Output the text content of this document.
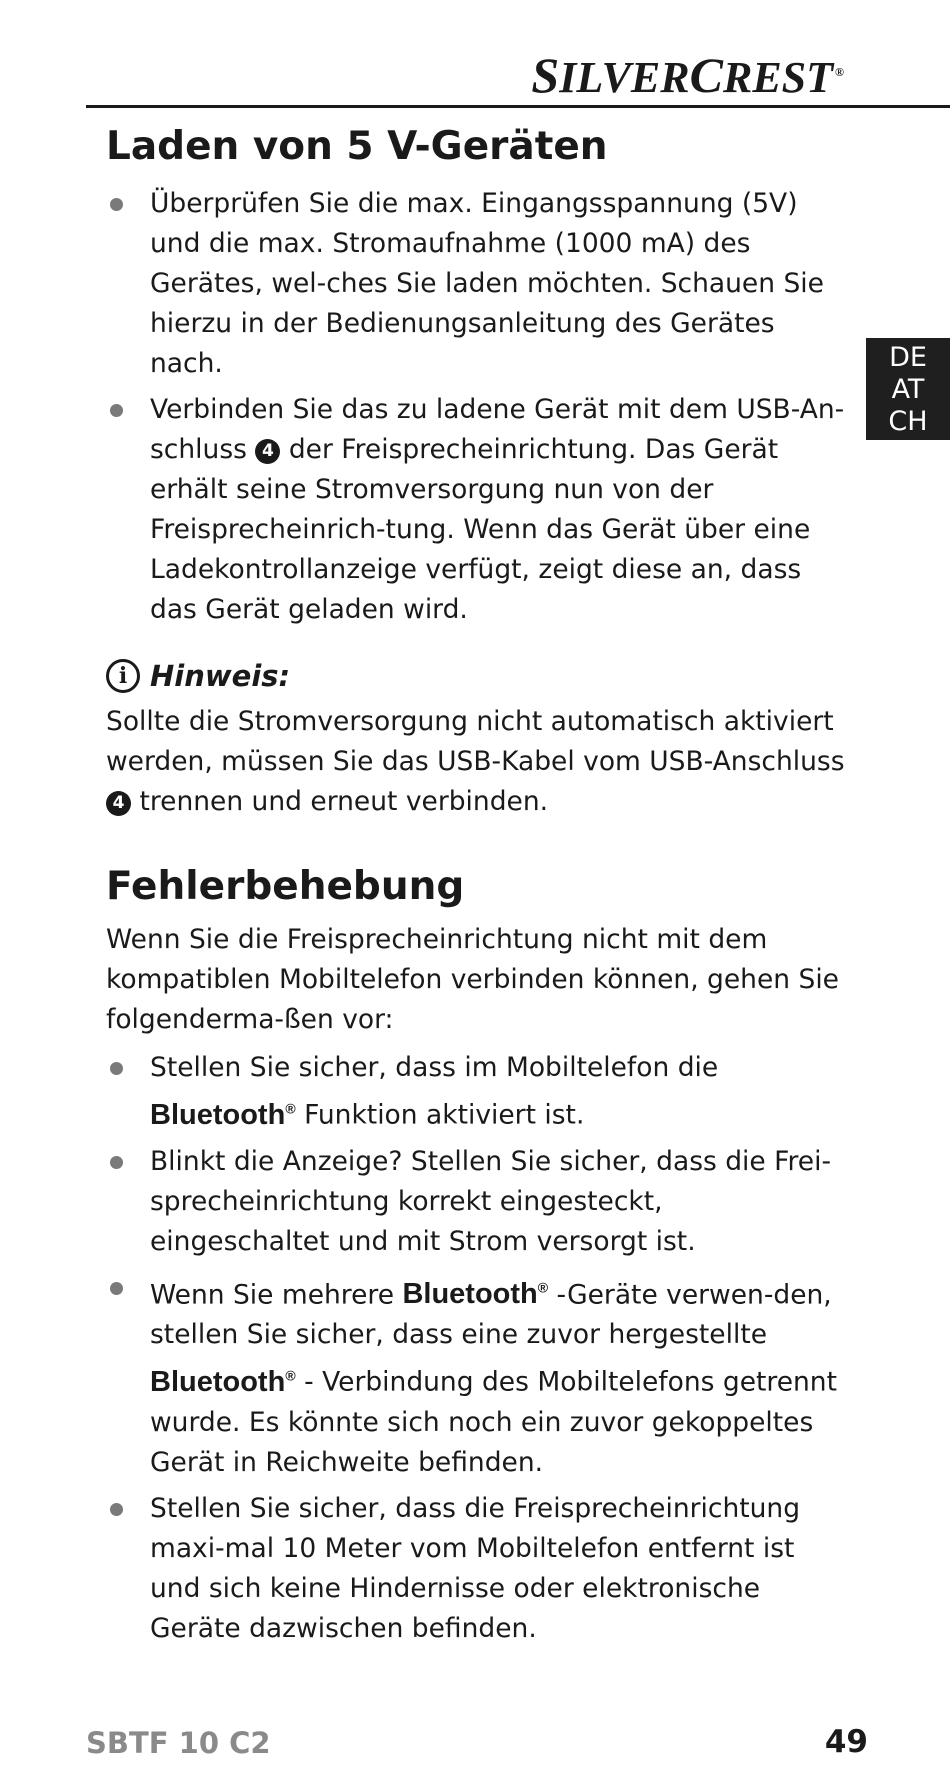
SILVERCREST ®
DE
AT
CH
Laden von 5 V-Geräten
Überprüfen Sie die max. Eingangsspannung (5V) und die max. Stromaufnahme (1000 mA) des Gerätes, wel-ches Sie laden möchten. Schauen Sie hierzu in der Bedienungsanleitung des Gerätes nach.
Verbinden Sie das zu ladene Gerät mit dem USB-An-schluss 4 der Freisprecheinrichtung. Das Gerät erhält seine Stromversorgung nun von der Freisprecheinrich-tung. Wenn das Gerät über eine Ladekontrollanzeige verfügt, zeigt diese an, dass das Gerät geladen wird.
i Hinweis:
Sollte die Stromversorgung nicht automatisch aktiviert werden, müssen Sie das USB-Kabel vom USB-Anschluss 4 trennen und erneut verbinden.
Fehlerbehebung
Wenn Sie die Freisprecheinrichtung nicht mit dem kompatiblen Mobiltelefon verbinden können, gehen Sie folgenderma-ßen vor:
Stellen Sie sicher, dass im Mobiltelefon die
Bluetooth® Funktion aktiviert ist.
Blinkt die Anzeige? Stellen Sie sicher, dass die Frei-sprecheinrichtung korrekt eingesteckt, eingeschaltet und mit Strom versorgt ist.
Wenn Sie mehrere Bluetooth® -Geräte verwen-den, stellen Sie sicher, dass eine zuvor hergestellte Bluetooth® - Verbindung des Mobiltelefons getrennt wurde. Es könnte sich noch ein zuvor gekoppeltes Gerät in Reichweite befinden.
Stellen Sie sicher, dass die Freisprecheinrichtung maxi-mal 10 Meter vom Mobiltelefon entfernt ist und sich keine Hindernisse oder elektronische Geräte dazwischen befinden.
SBTF 10 C2	49
